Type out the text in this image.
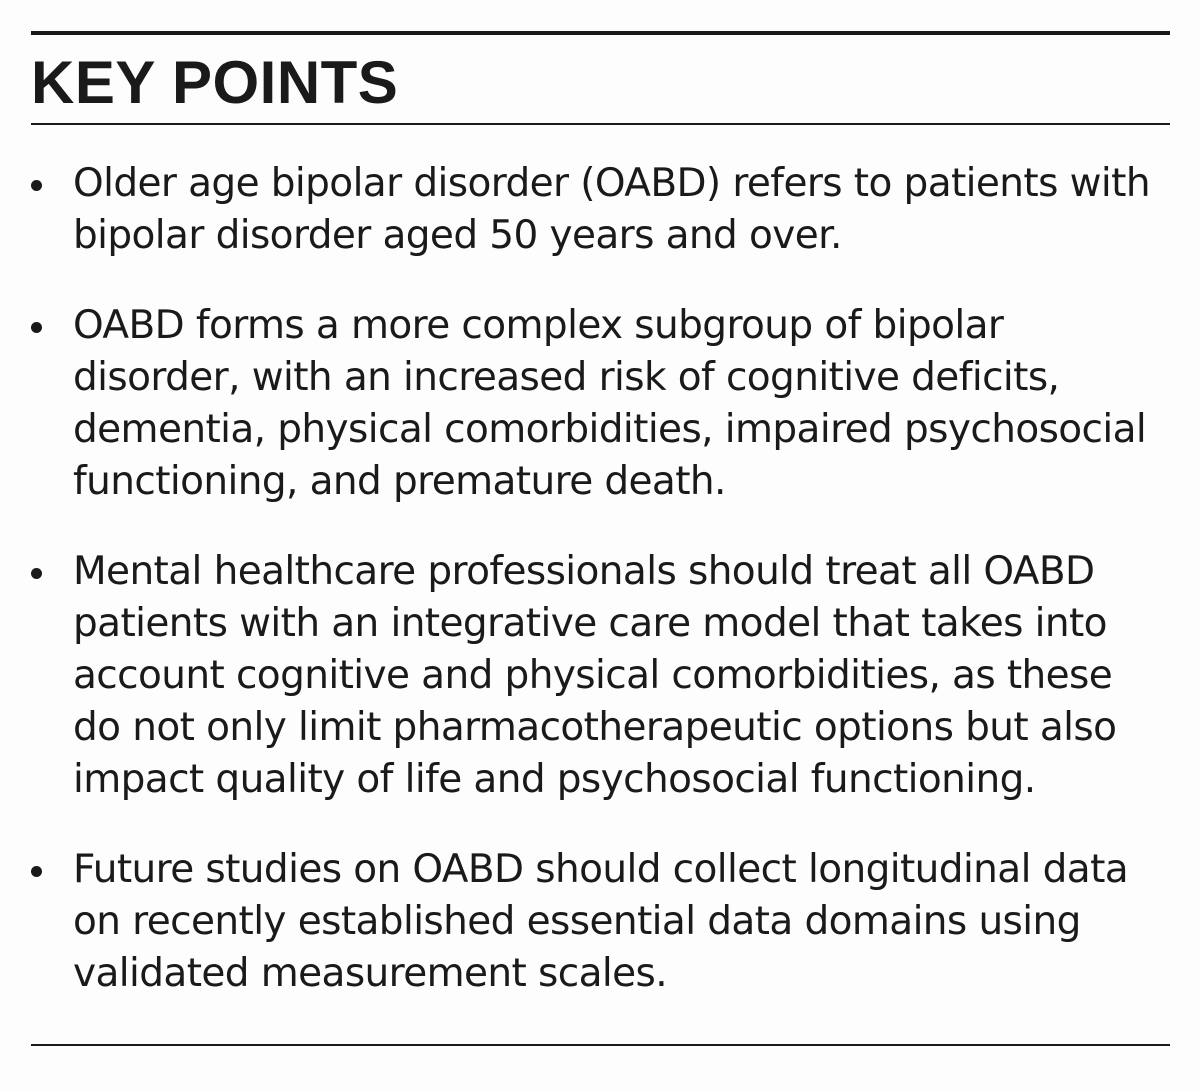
KEY POINTS
Older age bipolar disorder (OABD) refers to patients with bipolar disorder aged 50 years and over.
OABD forms a more complex subgroup of bipolar disorder, with an increased risk of cognitive deficits, dementia, physical comorbidities, impaired psychosocial functioning, and premature death.
Mental healthcare professionals should treat all OABD patients with an integrative care model that takes into account cognitive and physical comorbidities, as these do not only limit pharmacotherapeutic options but also impact quality of life and psychosocial functioning.
Future studies on OABD should collect longitudinal data on recently established essential data domains using validated measurement scales.
